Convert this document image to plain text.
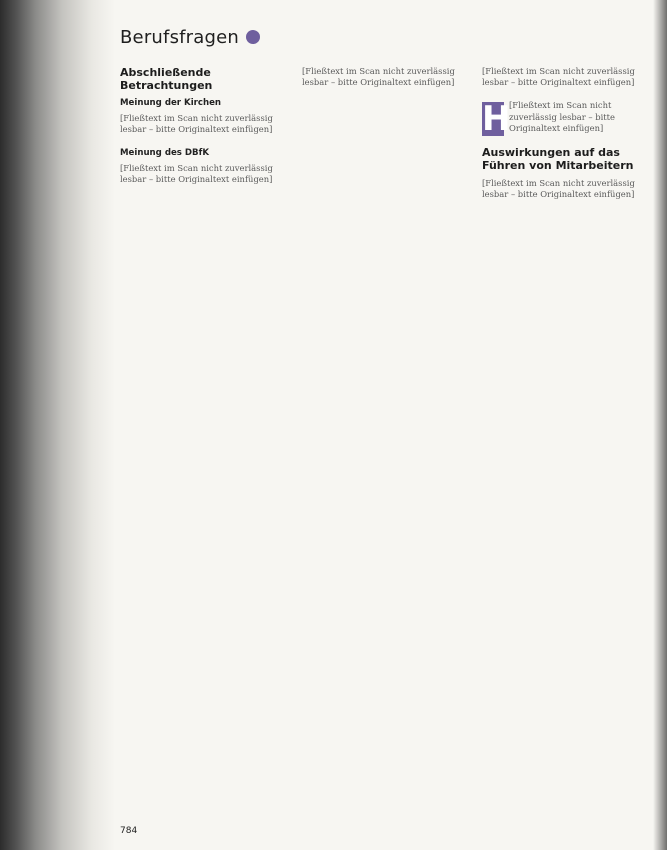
Berufsfragen
Abschließende Betrachtungen
Meinung der Kirchen

[Fließtext im Scan nicht zuverlässig lesbar – bitte Originaltext einfügen]

Meinung des DBfK

[Fließtext im Scan nicht zuverlässig lesbar – bitte Originaltext einfügen]

[Fließtext im Scan nicht zuverlässig lesbar – bitte Originaltext einfügen]

[Fließtext im Scan nicht zuverlässig lesbar – bitte Originaltext einfügen]

H

[Fließtext im Scan nicht zuverlässig lesbar – bitte Originaltext einfügen]

Auswirkungen auf das Führen von Mitarbeitern

[Fließtext im Scan nicht zuverlässig lesbar – bitte Originaltext einfügen]

784
